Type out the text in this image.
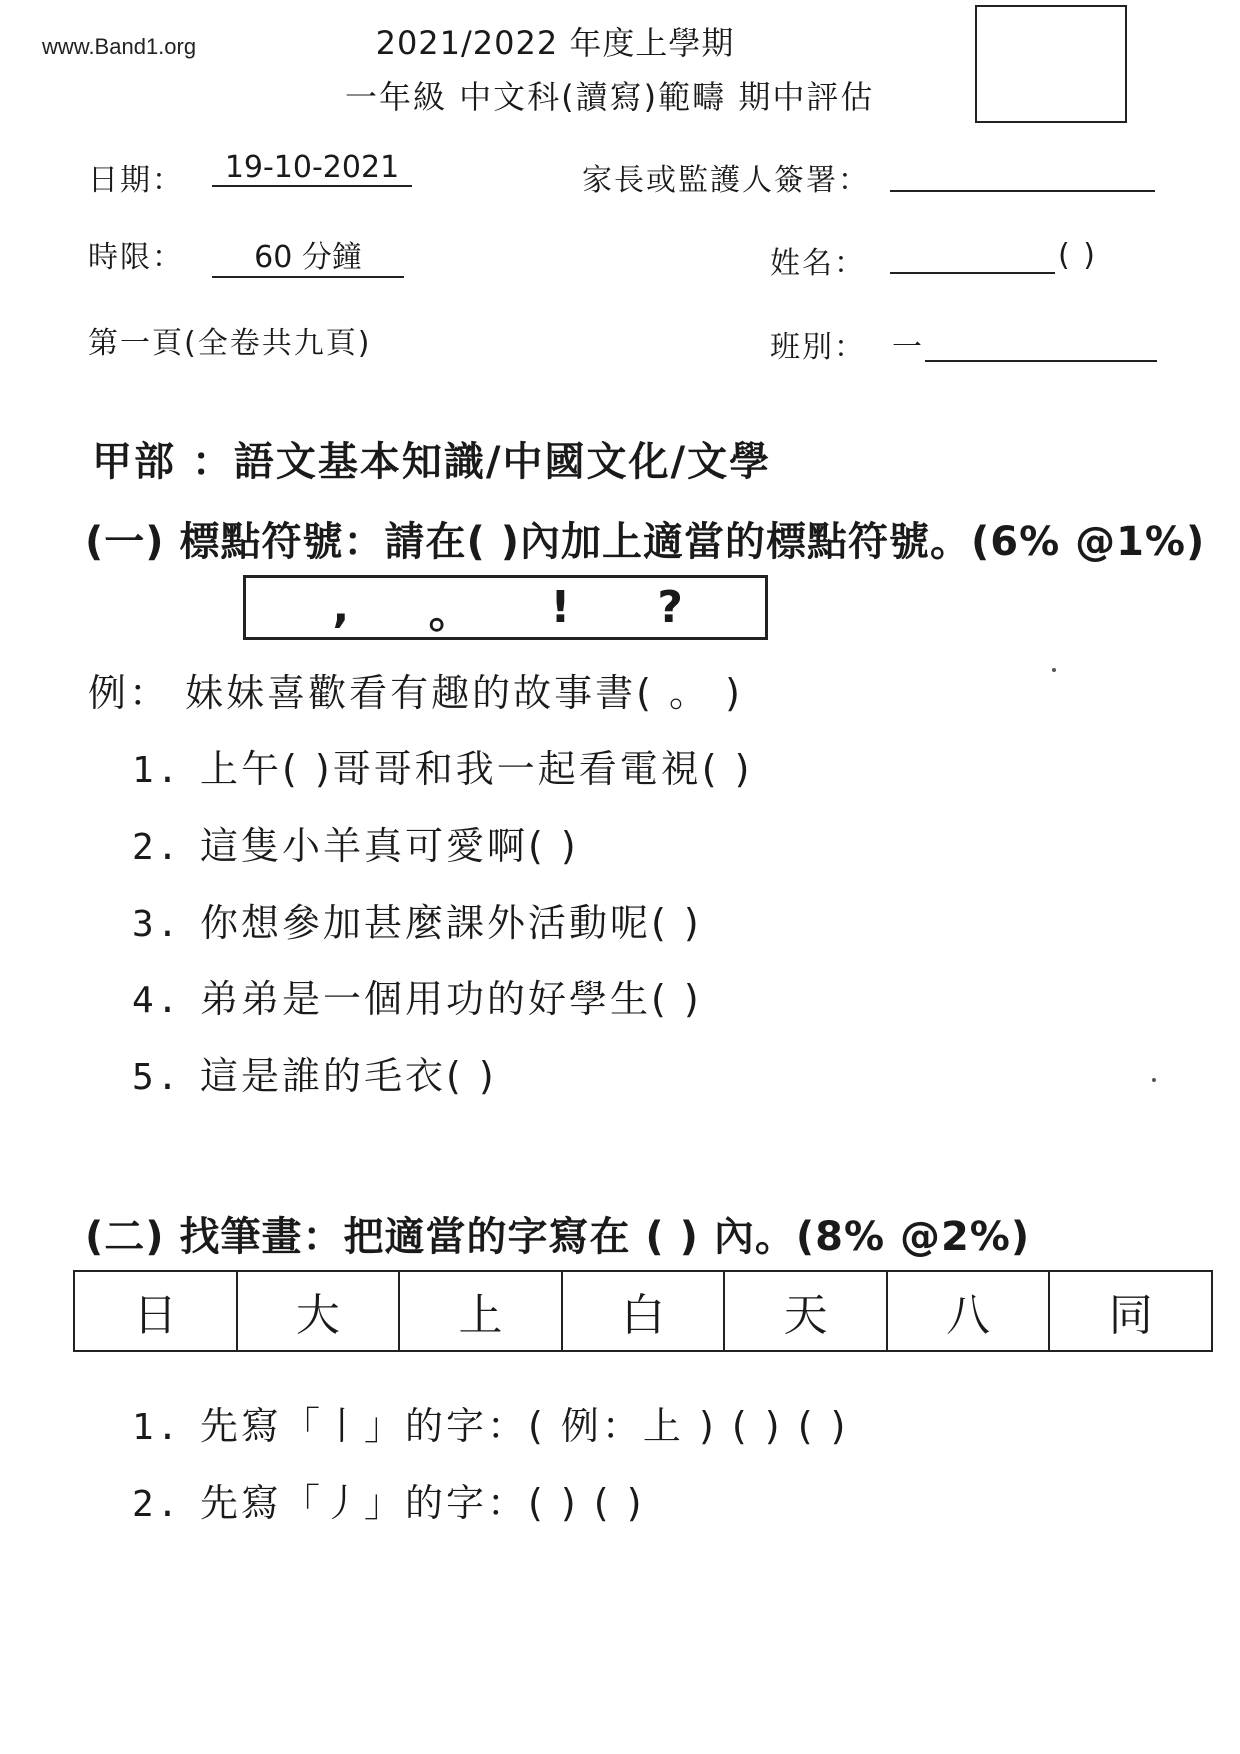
www.Band1.org	2021/2022 年度上學期
一年級 中文科(讀寫)範疇 期中評估
日期：	19-10-2021	家長或監護人簽署：
時限：	60 分鐘	姓名：	( )
第一頁(全卷共九頁)	班別： 一
甲部 ：語文基本知識/中國文化/文學
(一) 標點符號：請在( )內加上適當的標點符號。(6% @1%)
,	。	!	?
例： 妹妹喜歡看有趣的故事書( 。 )
1. 上午( )哥哥和我一起看電視( )
2. 這隻小羊真可愛啊( )
3. 你想參加甚麼課外活動呢( )
4. 弟弟是一個用功的好學生( )
5. 這是誰的毛衣( )
(二) 找筆畫：把適當的字寫在 ( ) 內。(8% @2%)
日	大	上	白	天	八	同
1. 先寫「丨」的字：( 例：上 ) ( ) ( )
2. 先寫「丿」的字：( ) ( )
